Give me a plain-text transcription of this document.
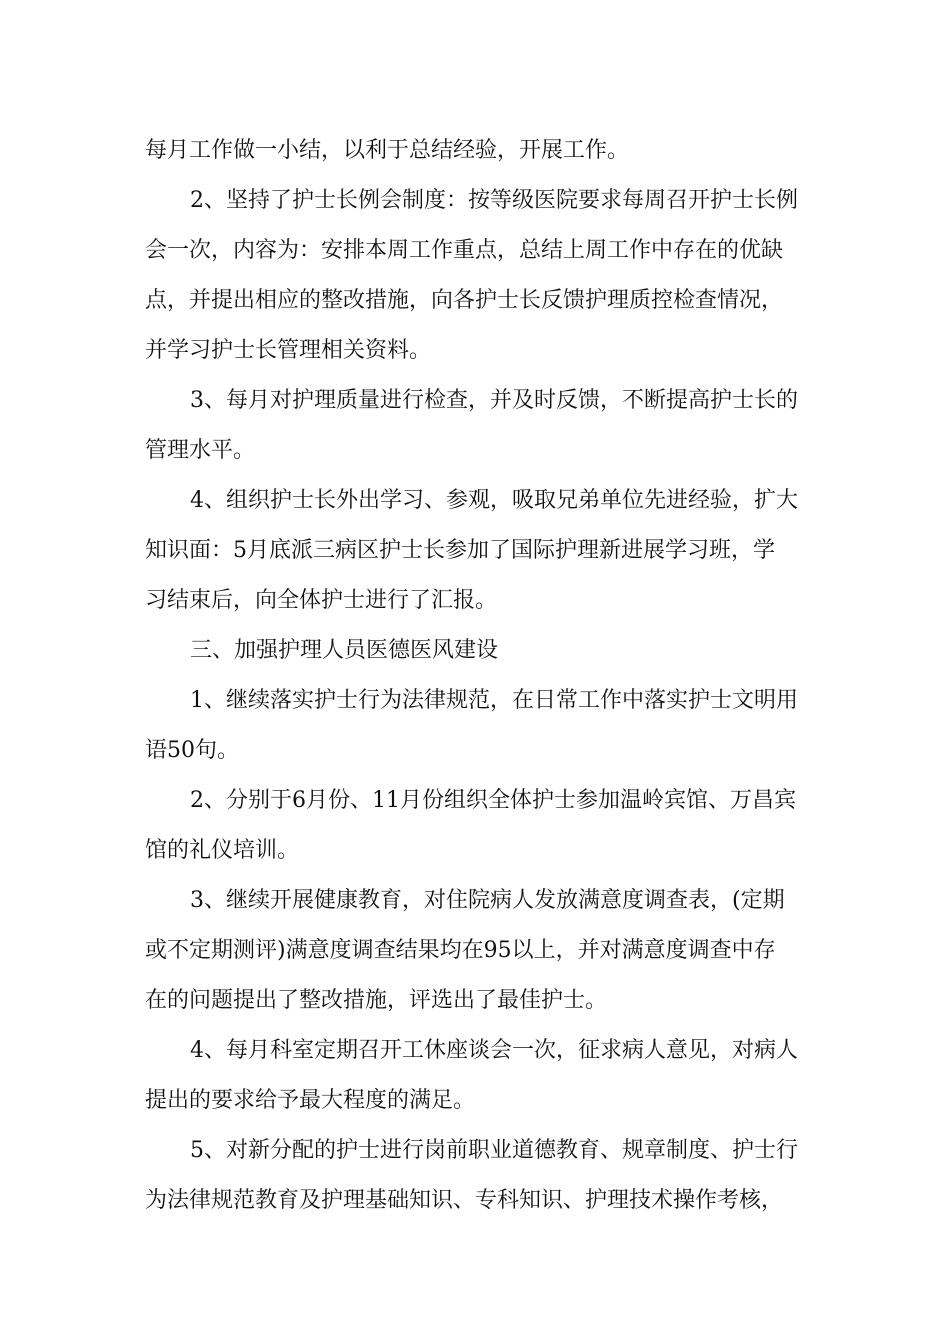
每月工作做一小结，以利于总结经验，开展工作。
2、坚持了护士长例会制度：按等级医院要求每周召开护士长例
会一次，内容为：安排本周工作重点，总结上周工作中存在的优缺
点，并提出相应的整改措施，向各护士长反馈护理质控检查情况，
并学习护士长管理相关资料。
3、每月对护理质量进行检查，并及时反馈，不断提高护士长的
管理水平。
4、组织护士长外出学习、参观，吸取兄弟单位先进经验，扩大
知识面：5月底派三病区护士长参加了国际护理新进展学习班，学
习结束后，向全体护士进行了汇报。
三、加强护理人员医德医风建设
1、继续落实护士行为法律规范，在日常工作中落实护士文明用
语50句。
2、分别于6月份、11月份组织全体护士参加温岭宾馆、万昌宾
馆的礼仪培训。
3、继续开展健康教育，对住院病人发放满意度调查表，(定期
或不定期测评)满意度调查结果均在95以上，并对满意度调查中存
在的问题提出了整改措施，评选出了最佳护士。
4、每月科室定期召开工休座谈会一次，征求病人意见，对病人
提出的要求给予最大程度的满足。
5、对新分配的护士进行岗前职业道德教育、规章制度、护士行
为法律规范教育及护理基础知识、专科知识、护理技术操作考核，
